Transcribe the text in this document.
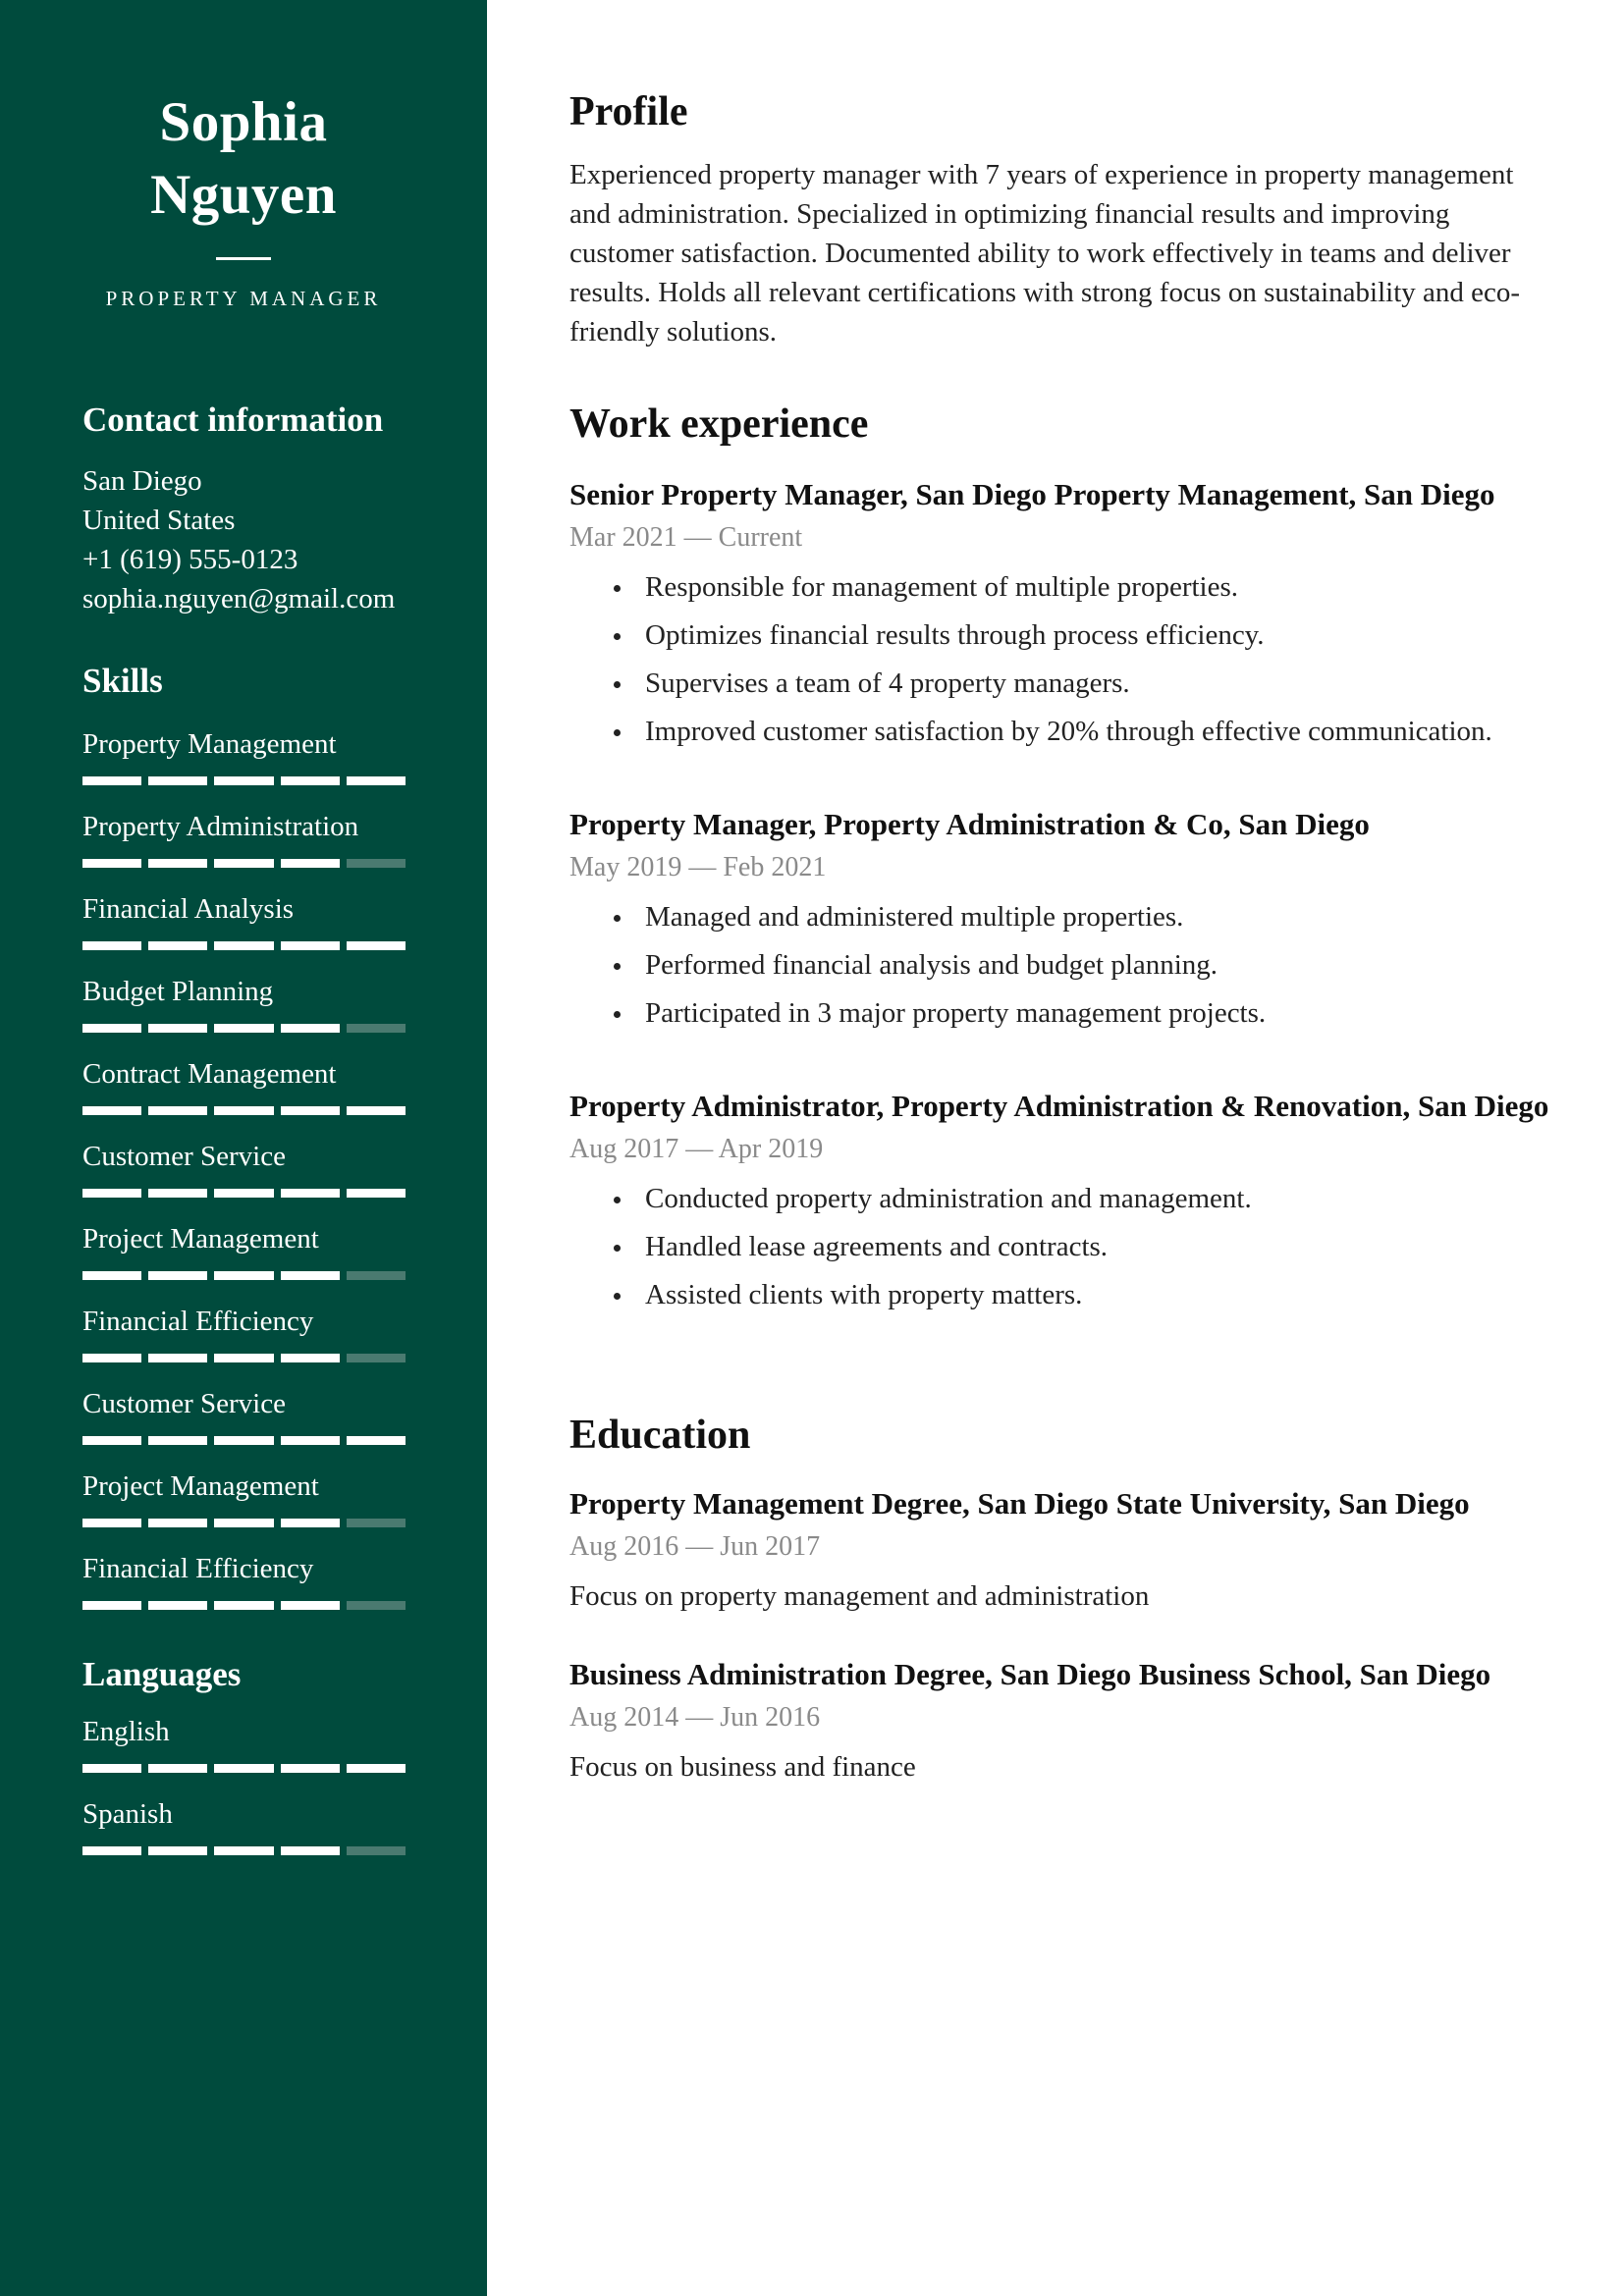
Sophia
Nguyen
PROPERTY MANAGER
Contact information
San Diego
United States
+1 (619) 555-0123
sophia.nguyen@gmail.com
Skills
Property Management
Property Administration
Financial Analysis
Budget Planning
Contract Management
Customer Service
Project Management
Financial Efficiency
Customer Service
Project Management
Financial Efficiency
Languages
English
Spanish
Profile
Experienced property manager with 7 years of experience in property management and administration. Specialized in optimizing financial results and improving customer satisfaction. Documented ability to work effectively in teams and deliver results. Holds all relevant certifications with strong focus on sustainability and eco-friendly solutions.
Work experience
Senior Property Manager, San Diego Property Management, San Diego
Mar 2021 — Current
Responsible for management of multiple properties.
Optimizes financial results through process efficiency.
Supervises a team of 4 property managers.
Improved customer satisfaction by 20% through effective communication.
Property Manager, Property Administration & Co, San Diego
May 2019 — Feb 2021
Managed and administered multiple properties.
Performed financial analysis and budget planning.
Participated in 3 major property management projects.
Property Administrator, Property Administration & Renovation, San Diego
Aug 2017 — Apr 2019
Conducted property administration and management.
Handled lease agreements and contracts.
Assisted clients with property matters.
Education
Property Management Degree, San Diego State University, San Diego
Aug 2016 — Jun 2017
Focus on property management and administration
Business Administration Degree, San Diego Business School, San Diego
Aug 2014 — Jun 2016
Focus on business and finance
